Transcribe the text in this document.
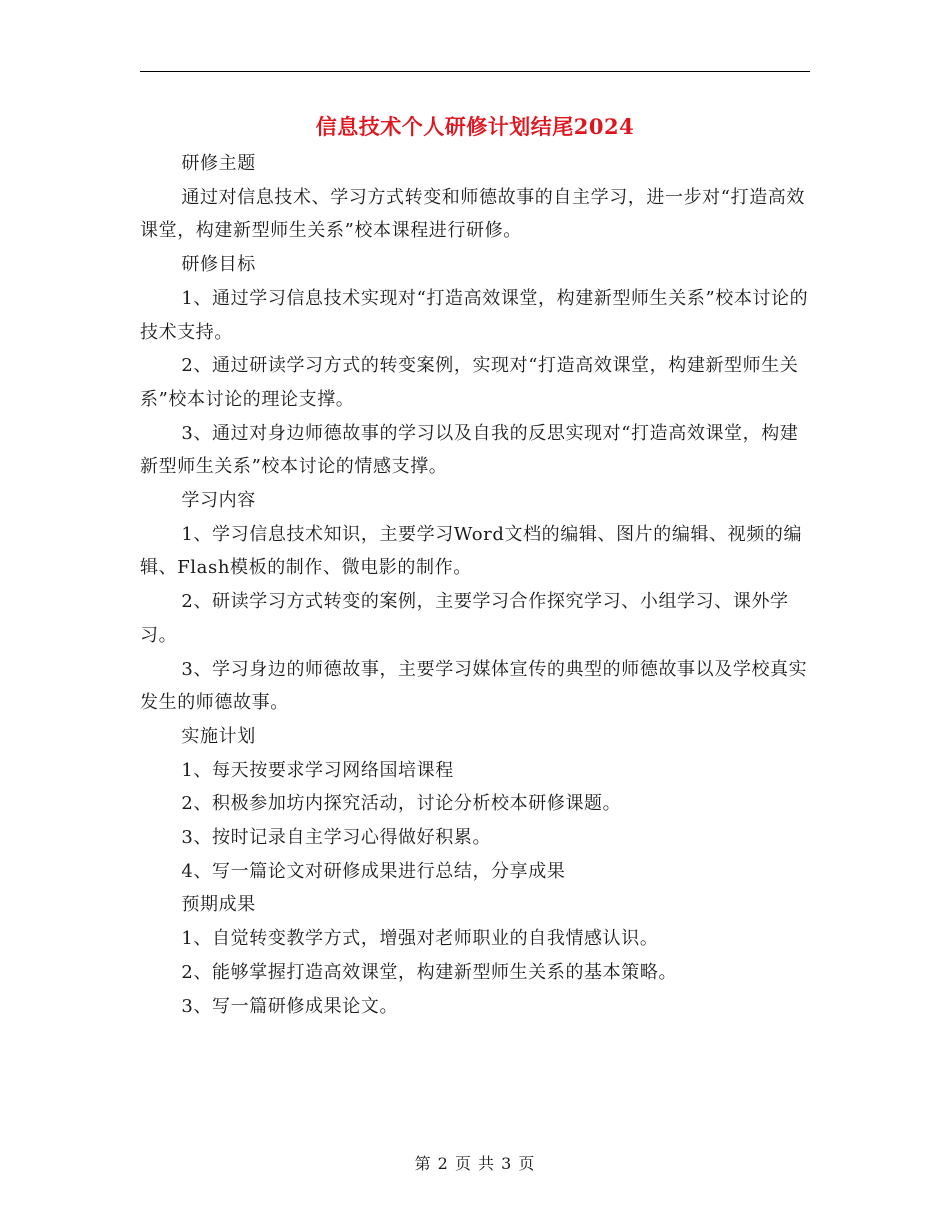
信息技术个人研修计划结尾2024

研修主题

通过对信息技术、学习方式转变和师德故事的自主学习，进一步对“打造高效课堂，构建新型师生关系”校本课程进行研修。

研修目标

1、通过学习信息技术实现对“打造高效课堂，构建新型师生关系”校本讨论的技术支持。

2、通过研读学习方式的转变案例，实现对“打造高效课堂，构建新型师生关系”校本讨论的理论支撑。

3、通过对身边师德故事的学习以及自我的反思实现对“打造高效课堂，构建新型师生关系”校本讨论的情感支撑。

学习内容

1、学习信息技术知识，主要学习Word文档的编辑、图片的编辑、视频的编辑、Flash模板的制作、微电影的制作。

2、研读学习方式转变的案例，主要学习合作探究学习、小组学习、课外学习。

3、学习身边的师德故事，主要学习媒体宣传的典型的师德故事以及学校真实发生的师德故事。

实施计划

1、每天按要求学习网络国培课程

2、积极参加坊内探究活动，讨论分析校本研修课题。

3、按时记录自主学习心得做好积累。

4、写一篇论文对研修成果进行总结，分享成果

预期成果

1、自觉转变教学方式，增强对老师职业的自我情感认识。

2、能够掌握打造高效课堂，构建新型师生关系的基本策略。

3、写一篇研修成果论文。

第 2 页 共 3 页
